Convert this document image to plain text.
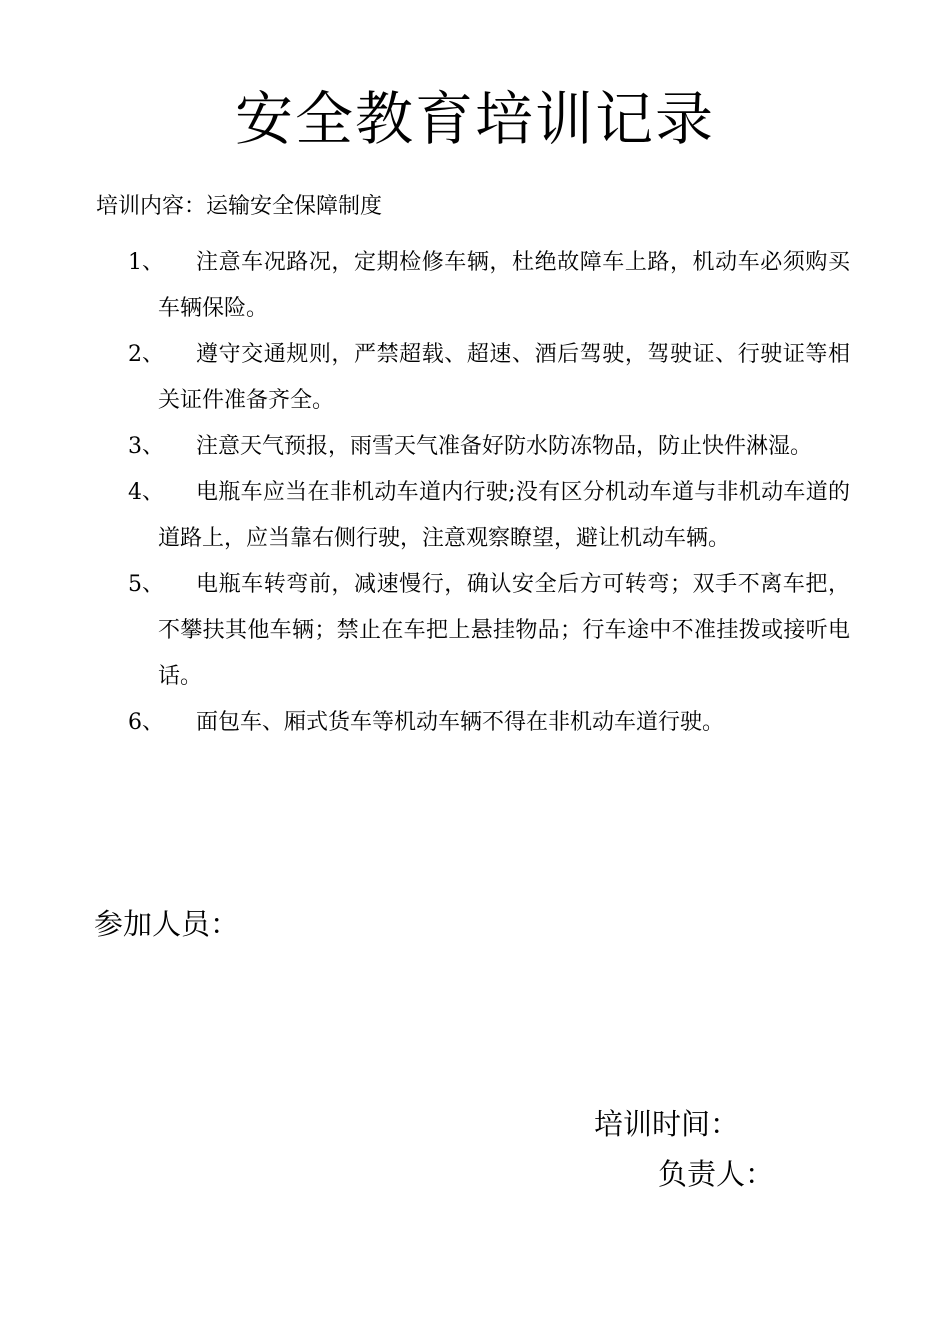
安全教育培训记录
培训内容：运输安全保障制度
1、	注意车况路况，定期检修车辆，杜绝故障车上路，机动车必须购买车辆保险。
2、	遵守交通规则，严禁超载、超速、酒后驾驶，驾驶证、行驶证等相关证件准备齐全。
3、	注意天气预报，雨雪天气准备好防水防冻物品，防止快件淋湿。
4、	电瓶车应当在非机动车道内行驶;没有区分机动车道与非机动车道的道路上，应当靠右侧行驶，注意观察瞭望，避让机动车辆。
5、	电瓶车转弯前，减速慢行，确认安全后方可转弯；双手不离车把，不攀扶其他车辆；禁止在车把上悬挂物品；行车途中不准挂拨或接听电话。
6、	面包车、厢式货车等机动车辆不得在非机动车道行驶。
参加人员：
培训时间：
负责人：
